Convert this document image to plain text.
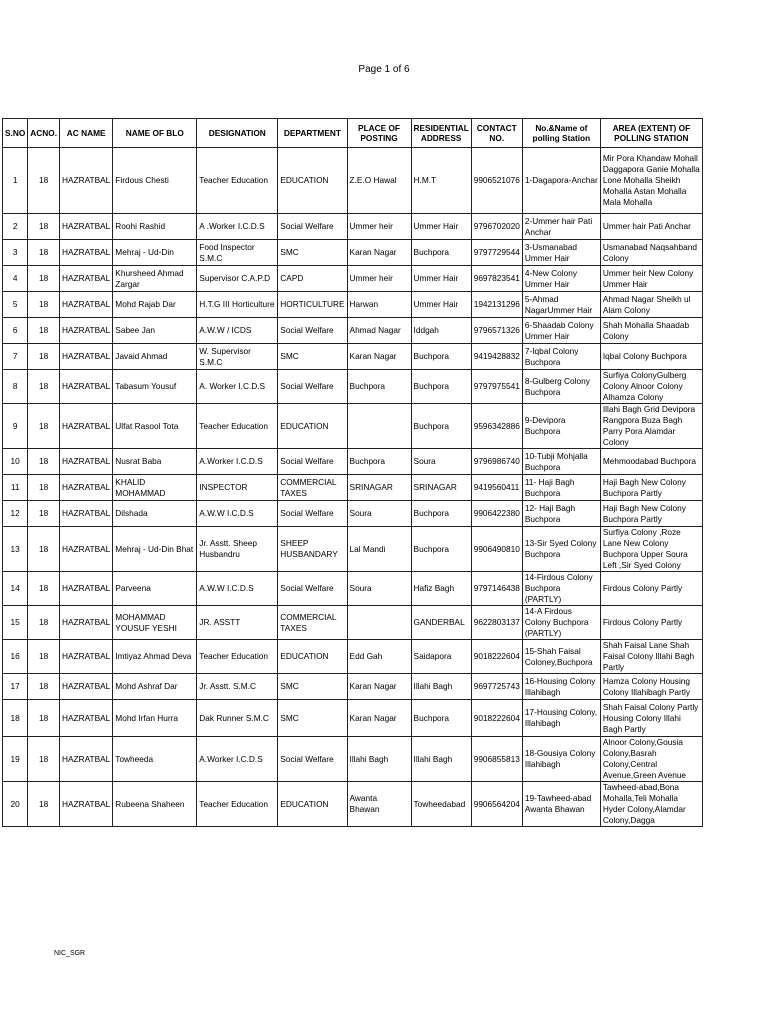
Page 1 of 6
S.NO	ACNO.	AC NAME	NAME OF BLO	DESIGNATION	DEPARTMENT	PLACE OF POSTING	RESIDENTIAL ADDRESS	CONTACT NO.	No.&Name of polling Station	AREA (EXTENT) OF POLLING STATION
1	18	HAZRATBAL	Firdous Chesti	Teacher Education	EDUCATION	Z.E.O Hawal	H.M.T	9906521076	1-Dagapora-Anchar	Mir Pora Khandaw Mohall Daggapora Ganie Mohalla Lone Mohalla Sheikh Mohalla Astan Mohalla Mala Mohalla
2	18	HAZRATBAL	Roohi Rashid	A .Worker I.C.D.S	Social Welfare	Ummer heir	Ummer Hair	9796702020	2-Ummer hair Pati Anchar	Ummer hair Pati Anchar
3	18	HAZRATBAL	Mehraj - Ud-Din	Food Inspector S.M.C	SMC	Karan Nagar	Buchpora	9797729544	3-Usmanabad Ummer Hair	Usmanabad Naqsahband Colony
4	18	HAZRATBAL	Khursheed Ahmad Zargar	Supervisor C.A.P.D	CAPD	Ummer heir	Ummer Hair	9697823541	4-New Colony Ummer Hair	Ummer heir New Colony Ummer Hair
5	18	HAZRATBAL	Mohd Rajab Dar	H.T.G III Horticulture	HORTICULTURE	Harwan	Ummer Hair	1942131296	5-Ahmad NagarUmmer Hair	Ahmad Nagar Sheikh ul Alam Colony
6	18	HAZRATBAL	Sabee Jan	A.W.W / ICDS	Social Welfare	Ahmad Nagar	Iddgah	9796571326	6-Shaadab Colony Ummer Hair	Shah Mohalla Shaadab Colony
7	18	HAZRATBAL	Javaid Ahmad	W. Supervisor S.M.C	SMC	Karan Nagar	Buchpora	9419428832	7-Iqbal Colony Buchpora	Iqbal Colony Buchpora
8	18	HAZRATBAL	Tabasum Yousuf	A. Worker I.C.D.S	Social Welfare	Buchpora	Buchpora	9797975541	8-Gulberg Colony Buchpora	Surfiya ColonyGulberg Colony Alnoor Colony Alhamza Colony
9	18	HAZRATBAL	Ulfat Rasool Tota	Teacher Education	EDUCATION		Buchpora	9596342886	9-Devipora Buchpora	Illahi Bagh Grid Devipora Rangpora Buza Bagh Parry Pora Alamdar Colony
10	18	HAZRATBAL	Nusrat Baba	A.Worker I.C.D.S	Social Welfare	Buchpora	Soura	9796986740	10-Tubji Mohjalla Buchpora	Mehmoodabad Buchpora
11	18	HAZRATBAL	KHALID MOHAMMAD	INSPECTOR	COMMERCIAL TAXES	SRINAGAR	SRINAGAR	9419560411	11- Haji Bagh Buchpora	Haji Bagh New Colony Buchpora Partly
12	18	HAZRATBAL	Dilshada	A.W.W I.C.D.S	Social Welfare	Soura	Buchpora	9906422380	12- Haji Bagh Buchpora	Haji Bagh New Colony Buchpora Partly
13	18	HAZRATBAL	Mehraj - Ud-Din Bhat	Jr. Asstt. Sheep Husbandru	SHEEP HUSBANDARY	Lal Mandi	Buchpora	9906490810	13-Sir Syed Colony Buchpora	Surfiya Colony ,Roze Lane New Colony Buchpora Upper Soura Left ,Sir Syed Colony
14	18	HAZRATBAL	Parveena	A.W.W I.C.D.S	Social Welfare	Soura	Hafiz Bagh	9797146438	14-Firdous Colony Buchpora (PARTLY)	Firdous Colony Partly
15	18	HAZRATBAL	MOHAMMAD YOUSUF YESHI	JR. ASSTT	COMMERCIAL TAXES		GANDERBAL	9622803137	14-A Firdous Colony Buchpora (PARTLY)	Firdous Colony Partly
16	18	HAZRATBAL	Imtiyaz Ahmad Deva	Teacher Education	EDUCATION	Edd Gah	Saidapora	9018222604	15-Shah Faisal Coloney,Buchpora	Shah Faisal Lane Shah Faisal Colony Illahi Bagh Partly
17	18	HAZRATBAL	Mohd Ashraf Dar	Jr. Asstt. S.M.C	SMC	Karan Nagar	Illahi Bagh	9697725743	16-Housing Colony Illahibagh	Hamza Colony Housing Colony Illahibagh Partly
18	18	HAZRATBAL	Mohd Irfan Hurra	Dak Runner S.M.C	SMC	Karan Nagar	Buchpora	9018222604	17-Housing Colony, Illahibagh	Shah Faisal Colony Partly Housing Colony Illahi Bagh Partly
19	18	HAZRATBAL	Towheeda	A.Worker I.C.D.S	Social Welfare	Illahi Bagh	Illahi Bagh	9906855813	18-Gousiya Colony Illahibagh	Alnoor Colony,Gousia Colony,Basrah Colony,Central Avenue,Green Avenue
20	18	HAZRATBAL	Rubeena Shaheen	Teacher Education	EDUCATION	Awanta Bhawan	Towheedabad	9906564204	19-Tawheed-abad Awanta Bhawan	Tawheed-abad,Bona Mohalla,Teli Mohalla Hyder Colony,Alamdar Colony,Dagga
NIC_SGR
